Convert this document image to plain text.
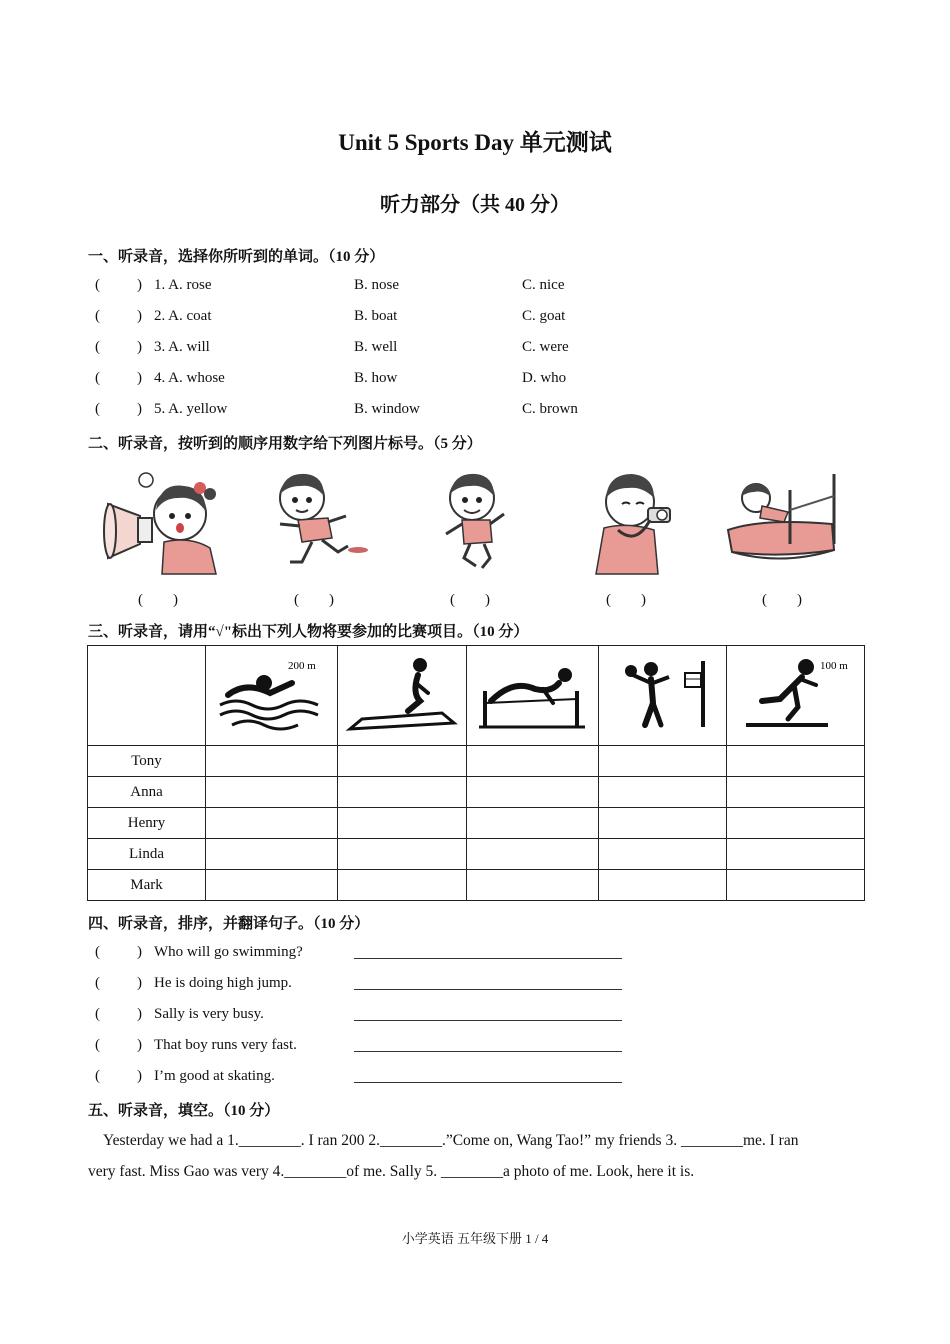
Unit 5 Sports Day 单元测试
听力部分（共 40 分）
一、听录音，选择你所听到的单词。（10 分）
( ) 1. A. rose	B. nose	C. nice
( ) 2. A. coat	B. boat	C. goat
( ) 3. A. will	B. well	C. were
( ) 4. A. whose	B. how	D. who
( ) 5. A. yellow	B. window	C. brown
二、听录音，按听到的顺序用数字给下列图片标号。（5 分）
(　　)	(　　)	(　　)	(　　)	(　　)
三、听录音，请用“√"标出下列人物将要参加的比赛项目。（10 分）

200 m				100 m

Tony					
Anna					
Henry					
Linda					
Mark					
四、听录音，排序，并翻译句子。（10 分）
( ) Who will go swimming?
( ) He is doing high jump.
( ) Sally is very busy.
( ) That boy runs very fast.
( ) I’m good at skating.
五、听录音，填空。（10 分）
Yesterday we had a 1.________. I ran 200 2.________.”Come on, Wang Tao!” my friends 3. ________me. I ran
very fast. Miss Gao was very 4.________of me. Sally 5. ________a photo of me. Look, here it is.
小学英语 五年级下册 1 / 4
